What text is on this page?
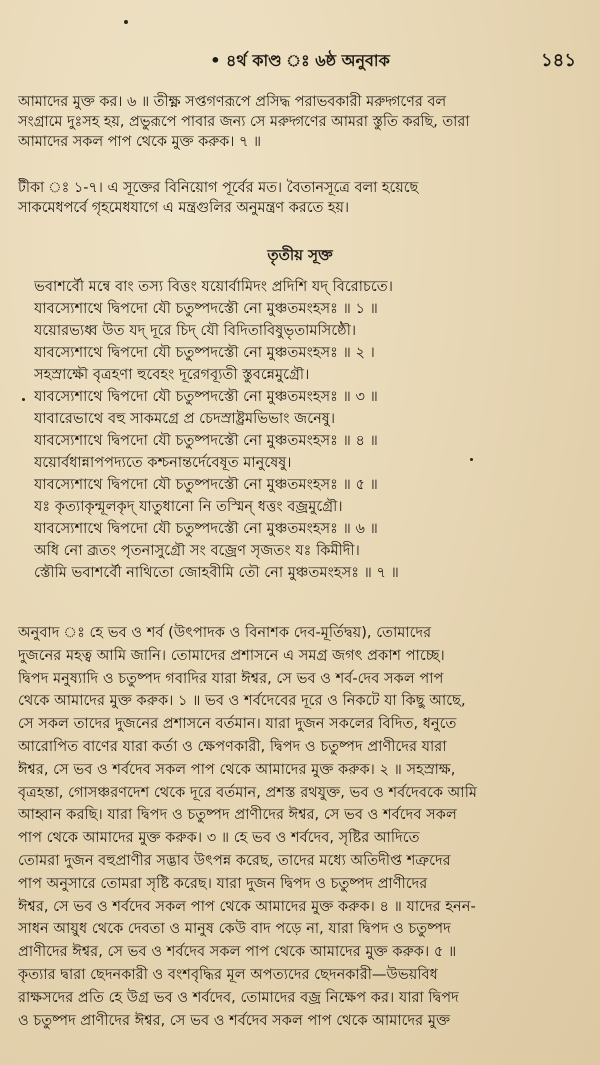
• ৪র্থ কাণ্ড ঃ ৬ষ্ঠ অনুবাক	১৪১
আমাদের মুক্ত কর। ৬ ॥ তীক্ষ্ণ সপ্তগণরূপে প্রসিদ্ধ পরাভবকারী মরুদ্গণের বল
সংগ্রামে দুঃসহ হয়, প্রভুরূপে পাবার জন্য সে মরুদ্গণের আমরা স্তুতি করছি, তারা
আমাদের সকল পাপ থেকে মুক্ত করুক। ৭ ॥
টীকা ঃ ১-৭। এ সূক্তের বিনিয়োগ পূর্বের মত। বৈতানসূত্রে বলা হয়েছে
সাকমেধপর্বে গৃহমেধযাগে এ মন্ত্রগুলির অনুমন্ত্রণ করতে হয়।
তৃতীয় সূক্ত
ভবাশর্বৌ মন্বে বাং তস্য বিত্তং যয়োর্বামিদং প্রদিশি যদ্ বিরোচতে।
যাবস্যেশাথে দ্বিপদো যৌ চতুষ্পদস্তৌ নো মুঞ্চতমংহসঃ ॥ ১ ॥
যয়োরভ্যধ্ব উত যদ্ দূরে চিদ্ যৌ বিদিতাবিষুভৃতামসিষ্ঠৌ।
যাবস্যেশাথে দ্বিপদো যৌ চতুষ্পদস্তৌ নো মুঞ্চতমংহসঃ ॥ ২ ।
সহস্রাক্ষৌ বৃত্রহণা হুবেহং দূরেগব্যূতী স্তুবন্নেমুগ্রৌ।
যাবস্যেশাথে দ্বিপদো যৌ চতুষ্পদস্তৌ নো মুঞ্চতমংহসঃ ॥ ৩ ॥
যাবারেভাথে বহু সাকমগ্রে প্র চেদস্রাষ্ট্রমভিভাং জনেষু।
যাবস্যেশাথে দ্বিপদো যৌ চতুষ্পদস্তৌ নো মুঞ্চতমংহসঃ ॥ ৪ ॥
যয়োর্বধান্নাপপদ্যতে কশ্চনান্তর্দেবেষূত মানুষেষু।
যাবস্যেশাথে দ্বিপদো যৌ চতুষ্পদস্তৌ নো মুঞ্চতমংহসঃ ॥ ৫ ॥
যঃ কৃত্যাকৃন্মূলকৃদ্ যাতুধানো নি তস্মিন্ ধত্তং বজ্রমুগ্রৌ।
যাবস্যেশাথে দ্বিপদো যৌ চতুষ্পদস্তৌ নো মুঞ্চতমংহসঃ ॥ ৬ ॥
অধি নো ব্রূতং পৃতনাসুগ্রৌ সং বজ্রেণ সৃজতং যঃ কিমীদী।
স্তৌমি ভবাশর্বৌ নাথিতো জোহবীমি তৌ নো মুঞ্চতমংহসঃ ॥ ৭ ॥
অনুবাদ ঃ হে ভব ও শর্ব (উৎপাদক ও বিনাশক দেব-মূর্তিদ্বয়), তোমাদের
দুজনের মহত্ব আমি জানি। তোমাদের প্রশাসনে এ সমগ্র জগৎ প্রকাশ পাচ্ছে।
দ্বিপদ মনুষ্যাদি ও চতুষ্পদ গবাদির যারা ঈশ্বর, সে ভব ও শর্ব-দেব সকল পাপ
থেকে আমাদের মুক্ত করুক। ১ ॥ ভব ও শর্বদেবের দূরে ও নিকটে যা কিছু আছে,
সে সকল তাদের দুজনের প্রশাসনে বর্তমান। যারা দুজন সকলের বিদিত, ধনুতে
আরোপিত বাণের যারা কর্তা ও ক্ষেপণকারী, দ্বিপদ ও চতুষ্পদ প্রাণীদের যারা
ঈশ্বর, সে ভব ও শর্বদেব সকল পাপ থেকে আমাদের মুক্ত করুক। ২ ॥ সহস্রাক্ষ,
বৃত্রহন্তা, গোসঞ্চরণদেশ থেকে দূরে বর্তমান, প্রশস্ত রথযুক্ত, ভব ও শর্বদেবকে আমি
আহ্বান করছি। যারা দ্বিপদ ও চতুষ্পদ প্রাণীদের ঈশ্বর, সে ভব ও শর্বদেব সকল
পাপ থেকে আমাদের মুক্ত করুক। ৩ ॥ হে ভব ও শর্বদেব, সৃষ্টির আদিতে
তোমরা দুজন বহুপ্রাণীর সদ্ভাব উৎপন্ন করেছ, তাদের মধ্যে অতিদীপ্ত শত্রুদের
পাপ অনুসারে তোমরা সৃষ্টি করেছ। যারা দুজন দ্বিপদ ও চতুষ্পদ প্রাণীদের
ঈশ্বর, সে ভব ও শর্বদেব সকল পাপ থেকে আমাদের মুক্ত করুক। ৪ ॥ যাদের হনন-
সাধন আয়ুধ থেকে দেবতা ও মানুষ কেউ বাদ পড়ে না, যারা দ্বিপদ ও চতুষ্পদ
প্রাণীদের ঈশ্বর, সে ভব ও শর্বদেব সকল পাপ থেকে আমাদের মুক্ত করুক। ৫ ॥
কৃত্যার দ্বারা ছেদনকারী ও বংশবৃদ্ধির মূল অপত্যদের ছেদনকারী—উভয়বিধ
রাক্ষসদের প্রতি হে উগ্র ভব ও শর্বদেব, তোমাদের বজ্র নিক্ষেপ কর। যারা দ্বিপদ
ও চতুষ্পদ প্রাণীদের ঈশ্বর, সে ভব ও শর্বদেব সকল পাপ থেকে আমাদের মুক্ত
